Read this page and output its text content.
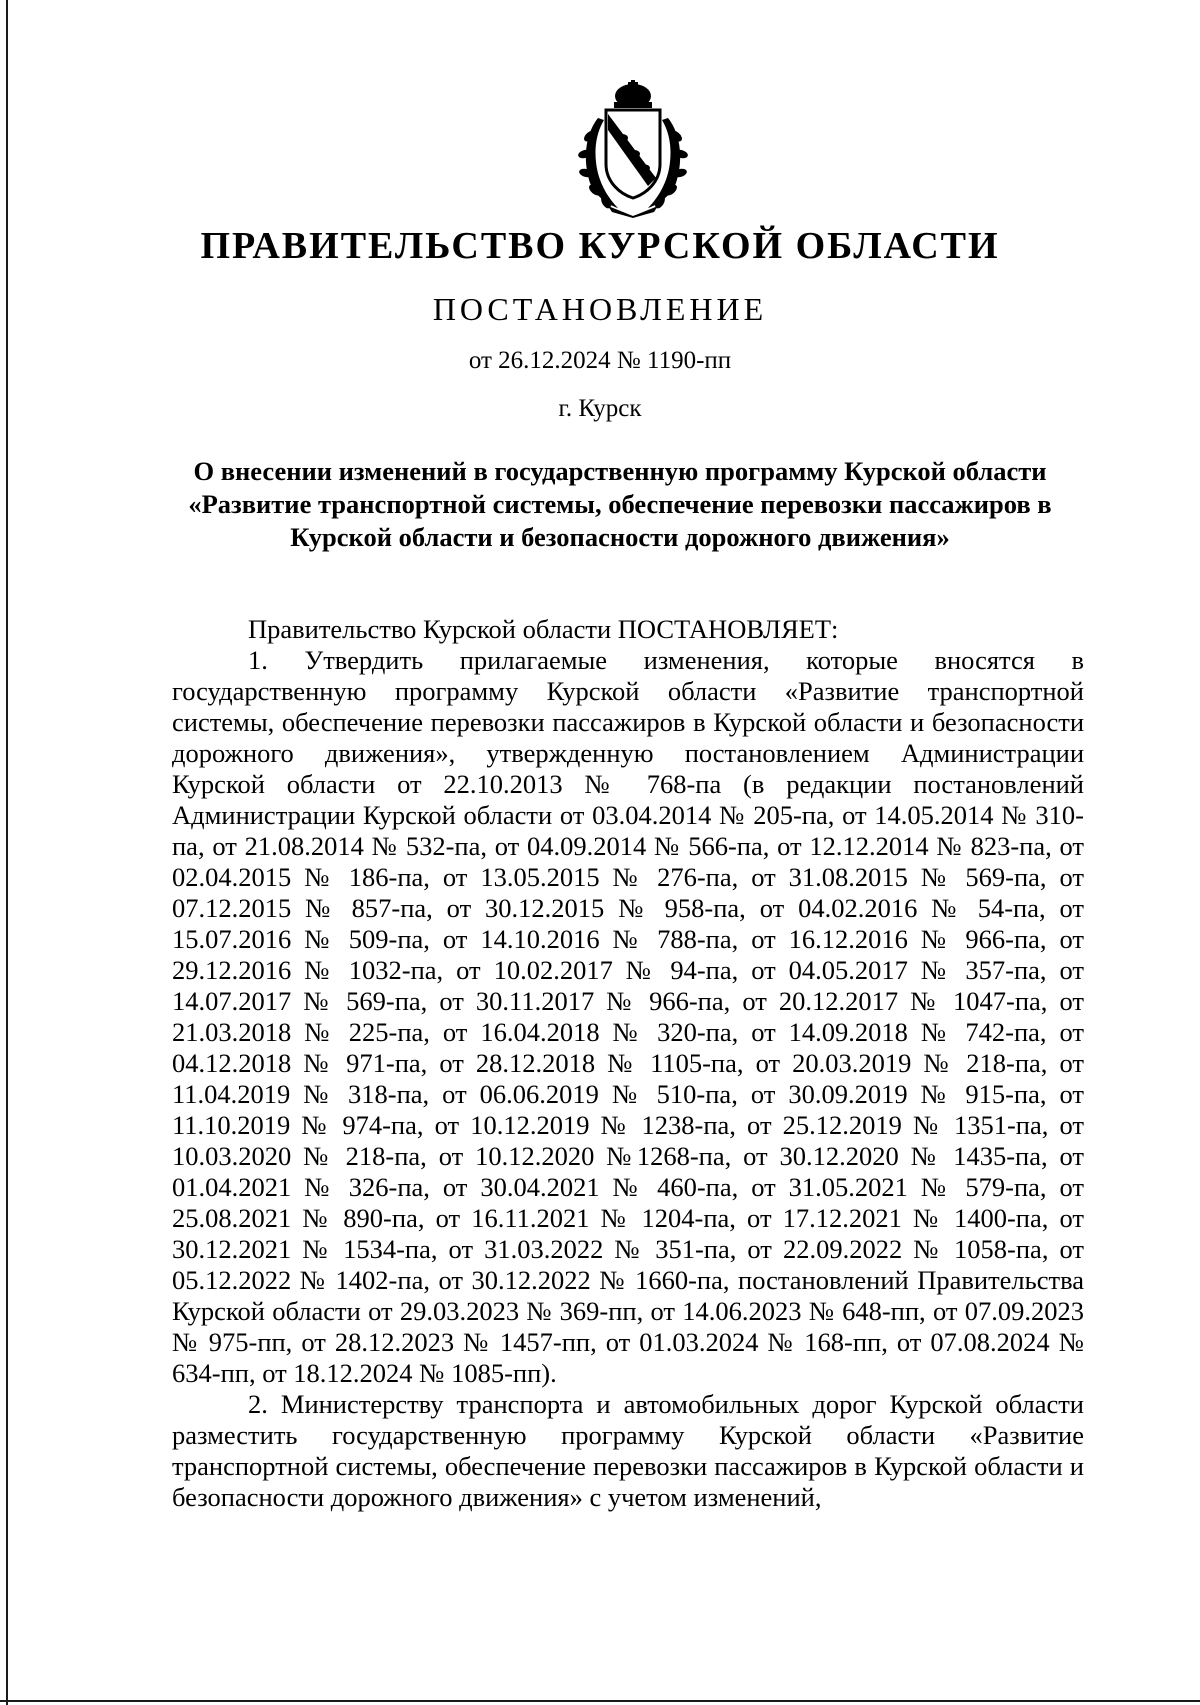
ПРАВИТЕЛЬСТВО КУРСКОЙ ОБЛАСТИ
ПОСТАНОВЛЕНИЕ
от 26.12.2024 № 1190-пп
г. Курск
О внесении изменений в государственную программу Курской области «Развитие транспортной системы, обеспечение перевозки пассажиров в Курской области и безопасности дорожного движения»

Правительство Курской области ПОСТАНОВЛЯЕТ:

1. Утвердить прилагаемые изменения, которые вносятся в государственную программу Курской области «Развитие транспортной системы, обеспечение перевозки пассажиров в Курской области и безопасности дорожного движения», утвержденную постановлением Администрации Курской области от 22.10.2013 № 768-па (в редакции постановлений Администрации Курской области от 03.04.2014 № 205-па, от 14.05.2014 № 310-па, от 21.08.2014 № 532-па, от 04.09.2014 № 566-па, от 12.12.2014 № 823-па, от 02.04.2015 № 186-па, от 13.05.2015 № 276-па, от 31.08.2015 № 569-па, от 07.12.2015 № 857-па, от 30.12.2015 № 958-па, от 04.02.2016 № 54-па, от 15.07.2016 № 509-па, от 14.10.2016 № 788-па, от 16.12.2016 № 966-па, от 29.12.2016 № 1032-па, от 10.02.2017 № 94-па, от 04.05.2017 № 357-па, от 14.07.2017 № 569-па, от 30.11.2017 № 966-па, от 20.12.2017 № 1047-па, от 21.03.2018 № 225-па, от 16.04.2018 № 320-па, от 14.09.2018 № 742-па, от 04.12.2018 № 971-па, от 28.12.2018 № 1105-па, от 20.03.2019 № 218-па, от 11.04.2019 № 318-па, от 06.06.2019 № 510-па, от 30.09.2019 № 915-па, от 11.10.2019 № 974-па, от 10.12.2019 № 1238-па, от 25.12.2019 № 1351-па, от 10.03.2020 № 218-па, от 10.12.2020 №1268-па, от 30.12.2020 № 1435-па, от 01.04.2021 № 326-па, от 30.04.2021 № 460-па, от 31.05.2021 № 579-па, от 25.08.2021 № 890-па, от 16.11.2021 № 1204-па, от 17.12.2021 № 1400-па, от 30.12.2021 № 1534-па, от 31.03.2022 № 351-па, от 22.09.2022 № 1058-па, от 05.12.2022 № 1402-па, от 30.12.2022 № 1660-па, постановлений Правительства Курской области от 29.03.2023 № 369-пп, от 14.06.2023 № 648-пп, от 07.09.2023 № 975-пп, от 28.12.2023 № 1457-пп, от 01.03.2024 № 168-пп, от 07.08.2024 № 634-пп, от 18.12.2024 № 1085-пп).

2. Министерству транспорта и автомобильных дорог Курской области разместить государственную программу Курской области «Развитие транспортной системы, обеспечение перевозки пассажиров в Курской области и безопасности дорожного движения» с учетом изменений,
